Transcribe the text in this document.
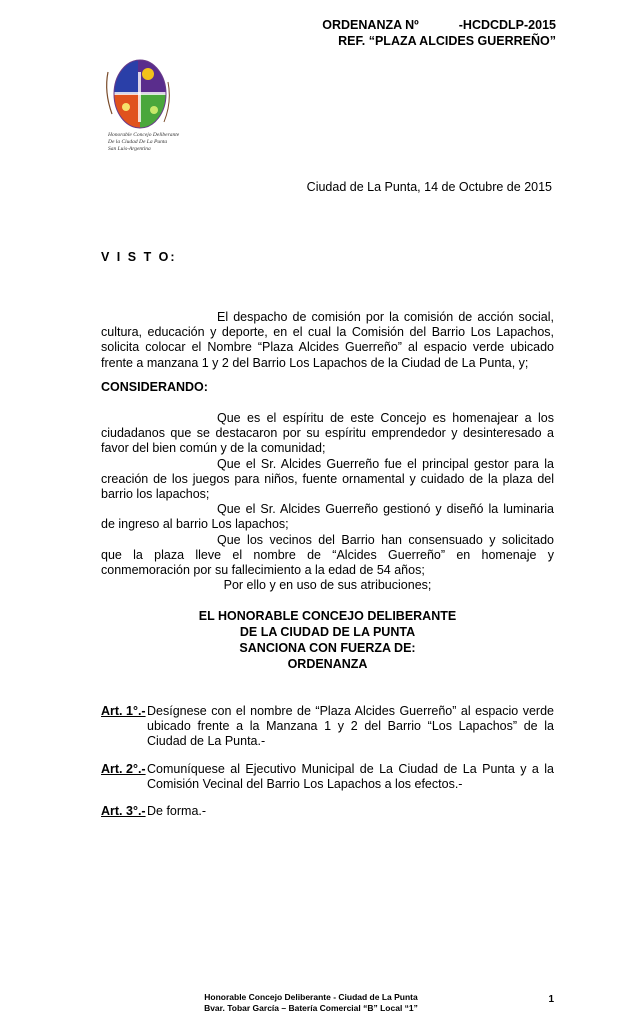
ORDENANZA Nº	-HCDCDLP-2015
REF. “PLAZA ALCIDES GUERREÑO”
Honorable Concejo Deliberante
De la Ciudad De La Punta
San Luis-Argentina
Ciudad de La Punta, 14 de Octubre de 2015
V I S T O:
El despacho de comisión por la comisión de acción social, cultura, educación y deporte, en el cual la Comisión del Barrio Los Lapachos, solicita colocar el Nombre “Plaza Alcides Guerreño” al espacio verde ubicado frente a manzana 1 y 2 del Barrio Los Lapachos de la Ciudad de La Punta, y;
CONSIDERANDO:
Que es el espíritu de este Concejo es homenajear a los ciudadanos que se destacaron por su espíritu emprendedor y desinteresado a favor del bien común y de la comunidad;
Que el Sr. Alcides Guerreño fue el principal gestor para la creación de los juegos para niños, fuente ornamental y cuidado de la plaza del barrio los lapachos;
Que el Sr. Alcides Guerreño gestionó y diseñó la luminaria de ingreso al barrio Los lapachos;
Que los vecinos del Barrio han consensuado y solicitado que la plaza lleve el nombre de “Alcides Guerreño” en homenaje y conmemoración por su fallecimiento a la edad de 54 años;
Por ello y en uso de sus atribuciones;
EL HONORABLE CONCEJO DELIBERANTE
DE LA CIUDAD DE LA PUNTA
SANCIONA CON FUERZA DE:
ORDENANZA
Art. 1°.- Desígnese con el nombre de “Plaza Alcides Guerreño” al espacio verde ubicado frente a la Manzana 1 y 2 del Barrio “Los Lapachos” de la Ciudad de La Punta.-
Art. 2°.- Comuníquese al Ejecutivo Municipal de La Ciudad de La Punta y a la Comisión Vecinal del Barrio Los Lapachos a los efectos.-
Art. 3°.- De forma.-
Honorable Concejo Deliberante - Ciudad de La Punta
Bvar. Tobar García – Batería Comercial “B” Local “1”
1
